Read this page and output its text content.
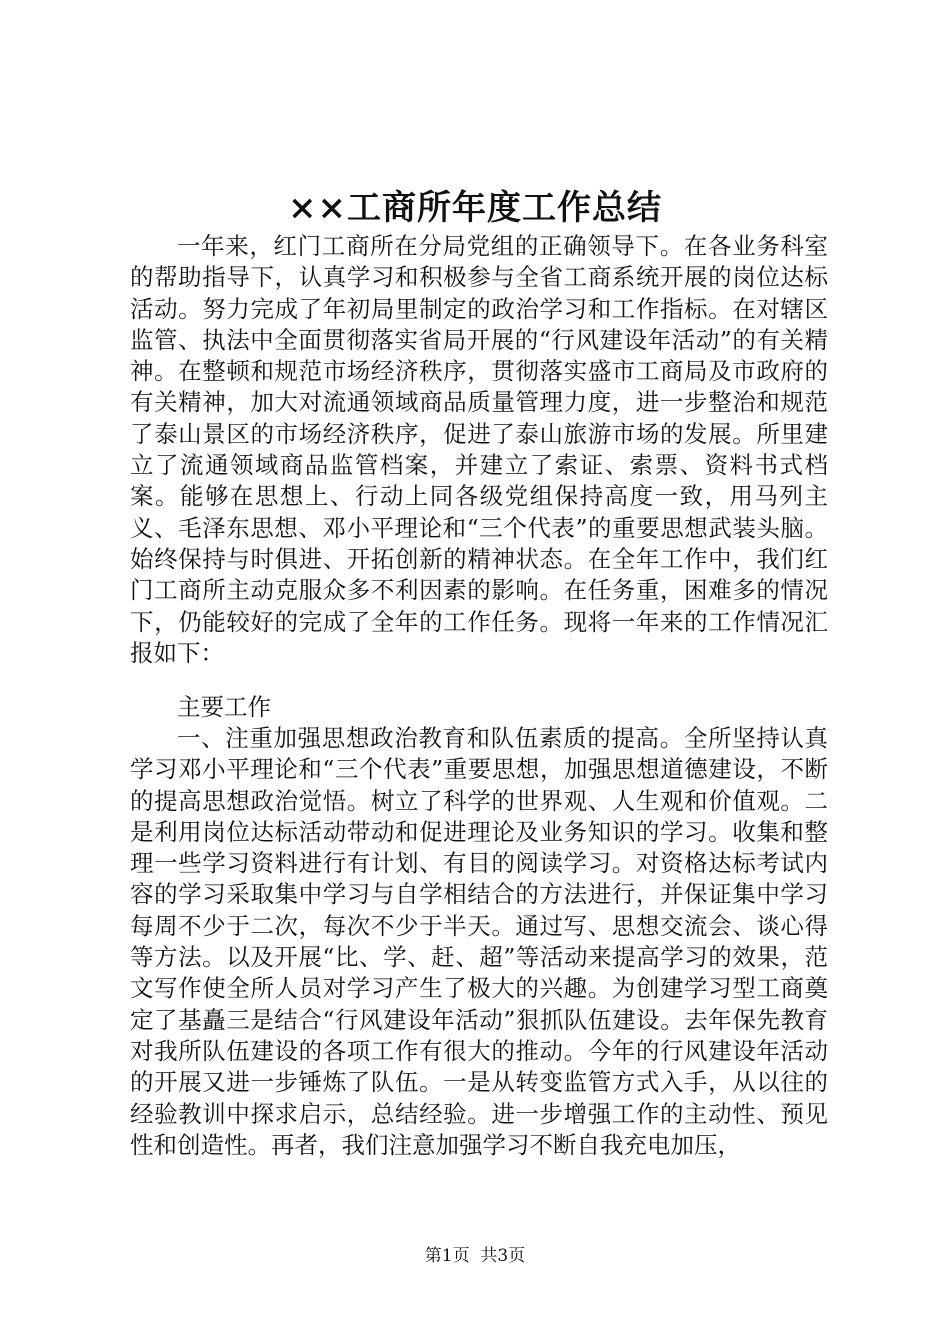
××工商所年度工作总结

一年来，红门工商所在分局党组的正确领导下。在各业务科室的帮助指导下，认真学习和积极参与全省工商系统开展的岗位达标活动。努力完成了年初局里制定的政治学习和工作指标。在对辖区监管、执法中全面贯彻落实省局开展的“行风建设年活动”的有关精神。在整顿和规范市场经济秩序，贯彻落实盛市工商局及市政府的有关精神，加大对流通领域商品质量管理力度，进一步整治和规范了泰山景区的市场经济秩序，促进了泰山旅游市场的发展。所里建立了流通领域商品监管档案，并建立了索证、索票、资料书式档案。能够在思想上、行动上同各级党组保持高度一致，用马列主义、毛泽东思想、邓小平理论和“三个代表”的重要思想武装头脑。始终保持与时俱进、开拓创新的精神状态。在全年工作中，我们红门工商所主动克服众多不利因素的影响。在任务重，困难多的情况下，仍能较好的完成了全年的工作任务。现将一年来的工作情况汇报如下：

主要工作

一、注重加强思想政治教育和队伍素质的提高。全所坚持认真学习邓小平理论和“三个代表”重要思想，加强思想道德建设，不断的提高思想政治觉悟。树立了科学的世界观、人生观和价值观。二是利用岗位达标活动带动和促进理论及业务知识的学习。收集和整理一些学习资料进行有计划、有目的阅读学习。对资格达标考试内容的学习采取集中学习与自学相结合的方法进行，并保证集中学习每周不少于二次，每次不少于半天。通过写、思想交流会、谈心得等方法。以及开展“比、学、赶、超”等活动来提高学习的效果，范文写作使全所人员对学习产生了极大的兴趣。为创建学习型工商奠定了基矗三是结合“行风建设年活动”狠抓队伍建设。去年保先教育对我所队伍建设的各项工作有很大的推动。今年的行风建设年活动的开展又进一步锤炼了队伍。一是从转变监管方式入手，从以往的经验教训中探求启示，总结经验。进一步增强工作的主动性、预见性和创造性。再者，我们注意加强学习不断自我充电加压，

第1页  共3页
